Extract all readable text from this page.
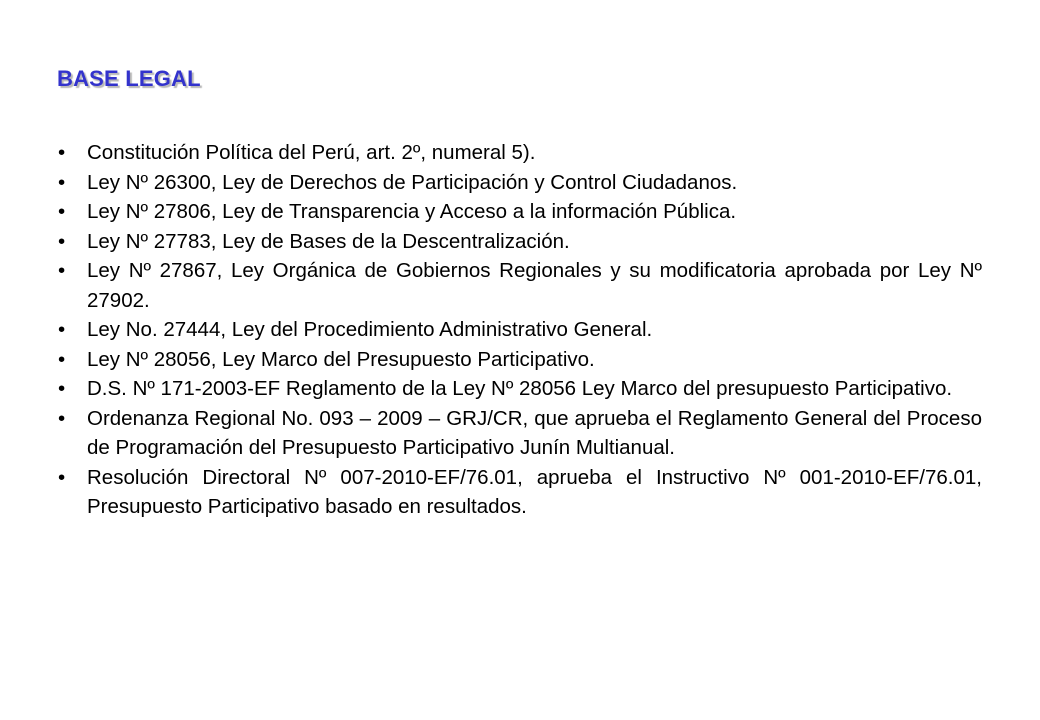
BASE LEGAL
•	Constitución Política del Perú, art. 2º, numeral 5).
•	Ley Nº 26300, Ley de Derechos de Participación y Control Ciudadanos.
•	Ley Nº 27806, Ley de Transparencia y Acceso a la información Pública.
•	Ley Nº 27783, Ley de Bases de la Descentralización.
•	Ley Nº 27867, Ley Orgánica de Gobiernos Regionales y su modificatoria aprobada por Ley Nº 27902.
•	Ley No. 27444, Ley del Procedimiento Administrativo General.
•	Ley Nº 28056, Ley Marco del Presupuesto Participativo.
•	D.S. Nº 171-2003-EF Reglamento de la Ley Nº 28056 Ley Marco del presupuesto Participativo.
•	Ordenanza Regional No. 093 – 2009 – GRJ/CR, que aprueba el Reglamento General del Proceso de Programación del Presupuesto Participativo Junín Multianual.
•	Resolución Directoral Nº 007-2010-EF/76.01, aprueba el Instructivo Nº 001-2010-EF/76.01, Presupuesto Participativo basado en resultados.
